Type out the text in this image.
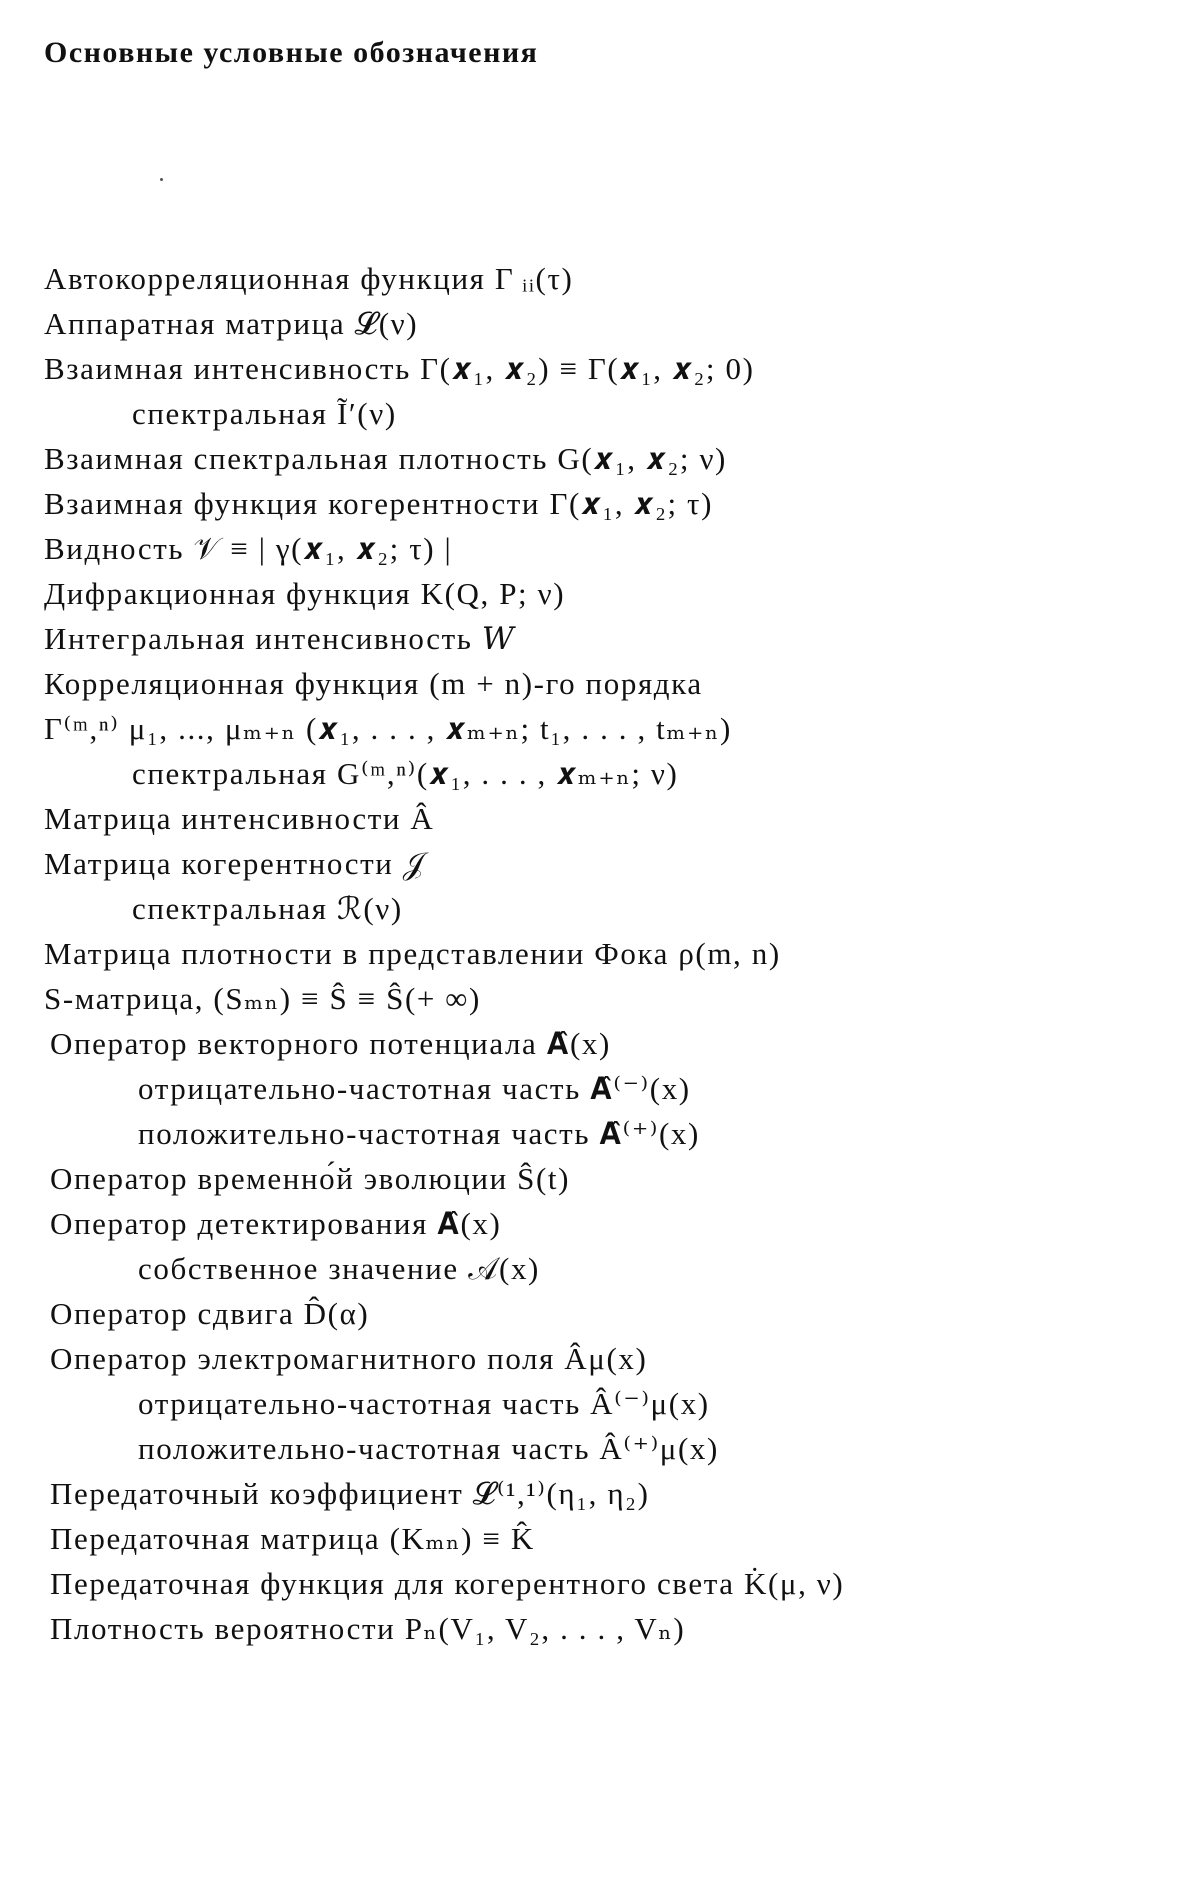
Основные условные обозначения
Автокорреляционная функция Γ ᵢᵢ(τ)
Аппаратная матрица 𝓛(ν)
Взаимная интенсивность Γ(𝒙₁, 𝒙₂) ≡ Γ(𝒙₁, 𝒙₂; 0)
спектральная Ĩ′(ν)
Взаимная спектральная плотность G(𝒙₁, 𝒙₂; ν)
Взаимная функция когерентности Γ(𝒙₁, 𝒙₂; τ)
Видность 𝒱 ≡ | γ(𝒙₁, 𝒙₂; τ) |
Дифракционная функция K(Q, P; ν)
Интегральная интенсивность 𝑊
Корреляционная функция (m + n)-го порядка
Γ⁽ᵐ,ⁿ⁾ μ₁, ..., μₘ₊ₙ (𝒙₁, . . . , 𝒙ₘ₊ₙ; t₁, . . . , tₘ₊ₙ)
спектральная G⁽ᵐ,ⁿ⁾(𝒙₁, . . . , 𝒙ₘ₊ₙ; ν)
Матрица интенсивности Â
Матрица когерентности 𝒥
спектральная ℛ(ν)
Матрица плотности в представлении Фока ρ(m, n)
S-матрица, (Sₘₙ) ≡ Ŝ ≡ Ŝ(+ ∞)
Оператор векторного потенциала 𝐀̂(x)
отрицательно-частотная часть 𝐀̂⁽⁻⁾(x)
положительно-частотная часть 𝐀̂⁽⁺⁾(x)
Оператор временно́й эволюции Ŝ(t)
Оператор детектирования 𝐀̂(x)
собственное значение 𝒜(x)
Оператор сдвига D̂(α)
Оператор электромагнитного поля Âμ(x)
отрицательно-частотная часть Â⁽⁻⁾μ(x)
положительно-частотная часть Â⁽⁺⁾μ(x)
Передаточный коэффициент 𝓛⁽¹,¹⁾(η₁, η₂)
Передаточная матрица (Kₘₙ) ≡ K̂
Передаточная функция для когерентного света K̇(μ, ν)
Плотность вероятности Pₙ(V₁, V₂, . . . , Vₙ)
